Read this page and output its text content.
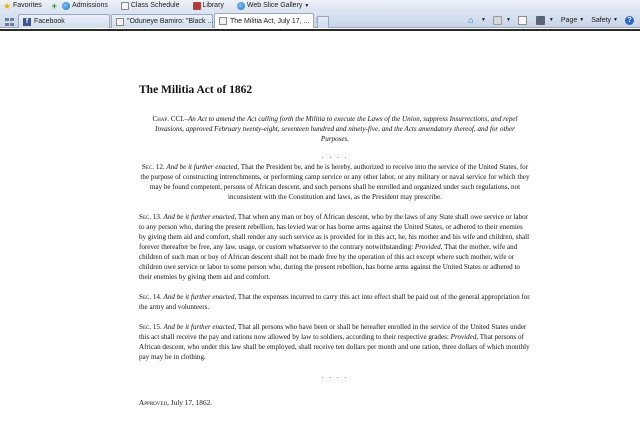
★ Favorites + Admissions	Class Schedule	Library	Web Slice Gallery ▼
f Facebook	"Oduneye Bamiro: "Black ... The Militia Act, July 17, ...	⌂	▼	▼	▼ Page ▼ Safety ▼	?
The Militia Act of 1862
Chap. CCI.–An Act to amend the Act calling forth the Militia to execute the Laws of the Union, suppress Insurrections, and repel Invasions, approved February twenty-eight, seventeen hundred and ninety-five, and the Acts amendatory thereof, and for other Purposes.
. . . .

Sec. 12. And be it further enacted, That the President be, and he is hereby, authorized to receive into the service of the United States, for the purpose of constructing intrenchments, or performing camp service or any other labor, or any military or naval service for which they may be found competent, persons of African descent, and such persons shall be enrolled and organized under such regulations, not inconsistent with the Constitution and laws, as the President may prescribe.

Sec. 13. And be it further enacted, That when any man or boy of African descent, who by the laws of any State shall owe service or labor to any person who, during the present rebellion, has levied war or has borne arms against the United States, or adhered to their enemies by giving them aid and comfort, shall render any such service as is provided for in this act, he, his mother and his wife and children, shall forever thereafter be free, any law, usage, or custom whatsoever to the contrary notwithstanding: Provided, That the mother, wife and children of such man or boy of African descent shall not be made free by the operation of this act except where such mother, wife or children owe service or labor to some person who, during the present rebellion, has borne arms against the United States or adhered to their enemies by giving them aid and comfort.

Sec. 14. And be it further enacted, That the expenses incurred to carry this act into effect shall be paid out of the general appropriation for the army and volunteers.

Sec. 15. And be it further enacted, That all persons who have been or shall be hereafter enrolled in the service of the United States under this act shall receive the pay and rations now allowed by law to soldiers, according to their respective grades: Provided, That persons of African descent, who under this law shall be employed, shall receive ten dollars per month and one ration, three dollars of which monthly pay may be in clothing.

. . . .

Approved, July 17, 1862.
